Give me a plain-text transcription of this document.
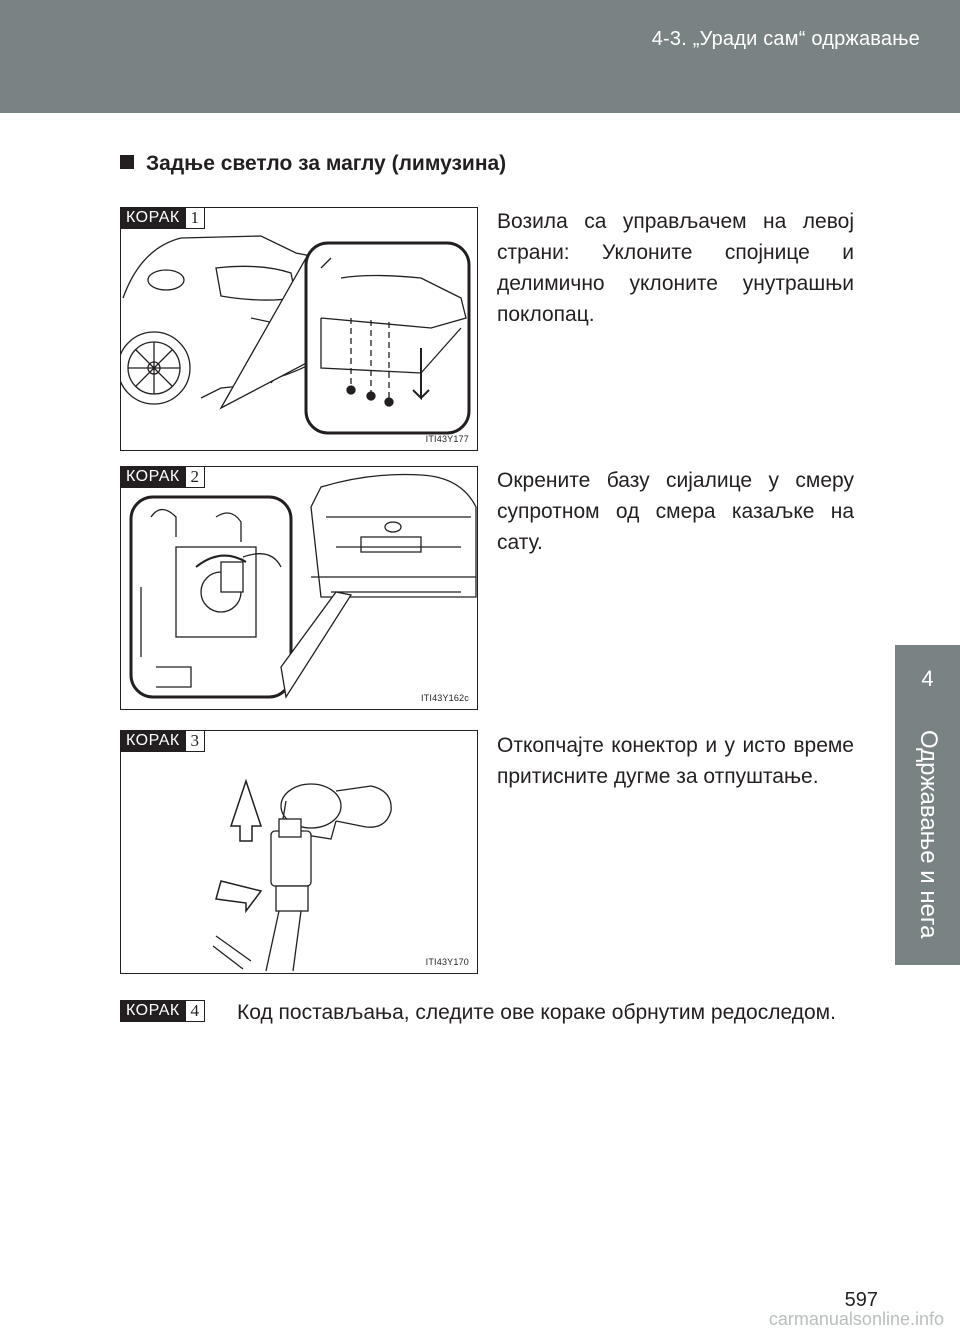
4-3. „Уради сам“ одржавање
4
Одржавање и нега
Задње светло за маглу (лимузина)
ITI43Y177
КОРАК 1	Возила са управљачем на левој страни: Уклоните спојнице и делимично уклоните унутрашњи поклопац.
ITI43Y162c
КОРАК 2	Окрените базу сијалице у смеру супротном од смера казаљке на сату.
ITI43Y170
КОРАК 3	Откопчајте конектор и у исто време притисните дугме за отпуштање.
КОРАК 4 Код постављања, следите ове кораке обрнутим редоследом.
597
carmanualsonline.info
